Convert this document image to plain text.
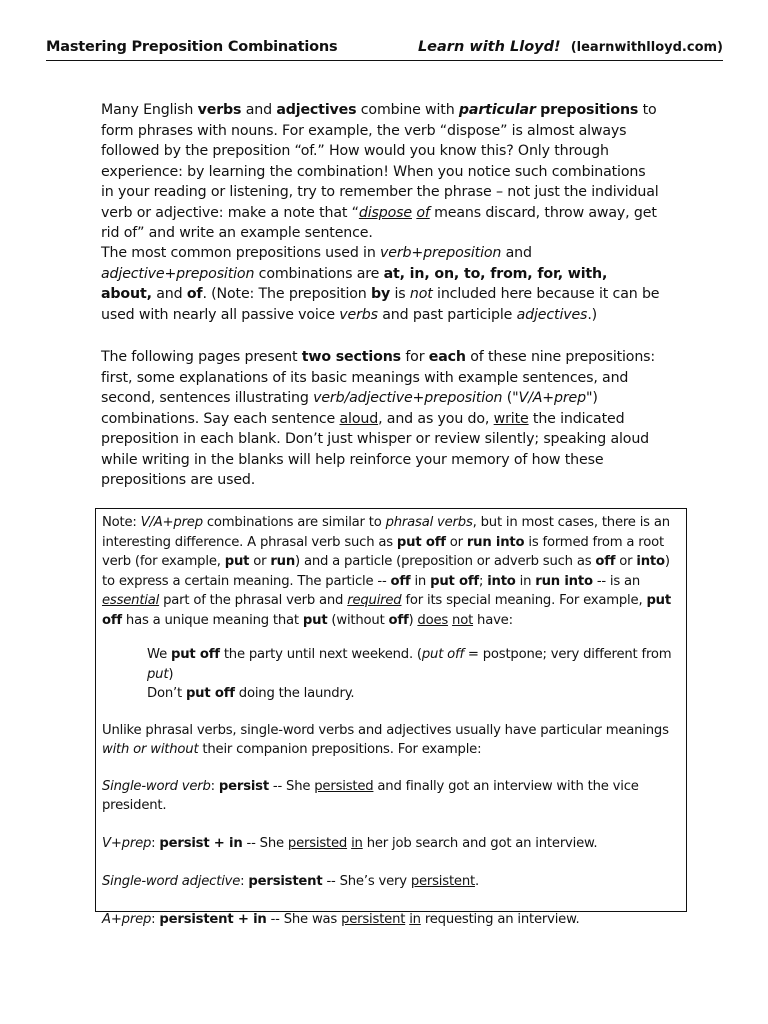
Mastering Preposition Combinations	Learn with Lloyd! (learnwithlloyd.com)

Many English verbs and adjectives combine with particular prepositions to form phrases with nouns. For example, the verb “dispose” is almost always followed by the preposition “of.” How would you know this? Only through experience: by learning the combination! When you notice such combinations in your reading or listening, try to remember the phrase – not just the individual verb or adjective: make a note that “dispose of means discard, throw away, get rid of” and write an example sentence.

The most common prepositions used in verb+preposition and adjective+preposition combinations are at, in, on, to, from, for, with, about, and of. (Note: The preposition by is not included here because it can be used with nearly all passive voice verbs and past participle adjectives.)

The following pages present two sections for each of these nine prepositions: first, some explanations of its basic meanings with example sentences, and second, sentences illustrating verb/adjective+preposition ("V/A+prep") combinations. Say each sentence aloud, and as you do, write the indicated preposition in each blank. Don’t just whisper or review silently; speaking aloud while writing in the blanks will help reinforce your memory of how these prepositions are used.

Note: V/A+prep combinations are similar to phrasal verbs, but in most cases, there is an interesting difference. A phrasal verb such as put off or run into is formed from a root verb (for example, put or run) and a particle (preposition or adverb such as off or into) to express a certain meaning. The particle -- off in put off; into in run into -- is an essential part of the phrasal verb and required for its special meaning. For example, put off has a unique meaning that put (without off) does not have:

We put off the party until next weekend. (put off = postpone; very different from put)

Don’t put off doing the laundry.

Unlike phrasal verbs, single-word verbs and adjectives usually have particular meanings with or without their companion prepositions. For example:

Single-word verb: persist -- She persisted and finally got an interview with the vice president.

V+prep: persist + in -- She persisted in her job search and got an interview.

Single-word adjective: persistent -- She’s very persistent.

A+prep: persistent + in -- She was persistent in requesting an interview.
